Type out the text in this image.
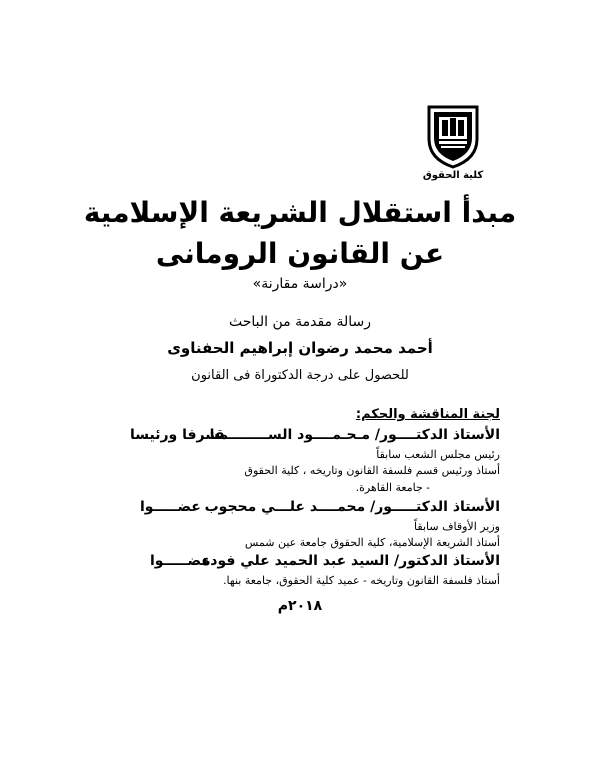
كلية الحقوق
مبدأ استقلال الشريعة الإسلامية
عن القانون الرومانى
«دراسة مقارنة»
رسالة مقدمة من الباحث
أحمد محمد رضوان إبراهيم الحفناوى
للحصول على درجة الدكتوراة فى القانون
لجنة المناقشة والحكم:
الأستاذ الدكتــــور/ مـحـمــــود الســـــــــقا
مشرفا ورئيسا
رئيس مجلس الشعب سابقاً
أستاذ ورئيس قسم فلسفة القانون وتاريخه ، كلية الحقوق
- جامعة القاهرة.
الأستاذ الدكتـــــور/ محمــــد علـــي محجوب
عضـــــوا
وزير الأوقاف سابقاً
أستاذ الشريعة الإسلامية، كلية الحقوق جامعة عين شمس
الأستاذ الدكتور/ السيد عبد الحميد علي فودة
عضـــــوا
أستاذ فلسفة القانون وتاريخه - عميد كلية الحقوق، جامعة بنها.
٢٠١٨م
